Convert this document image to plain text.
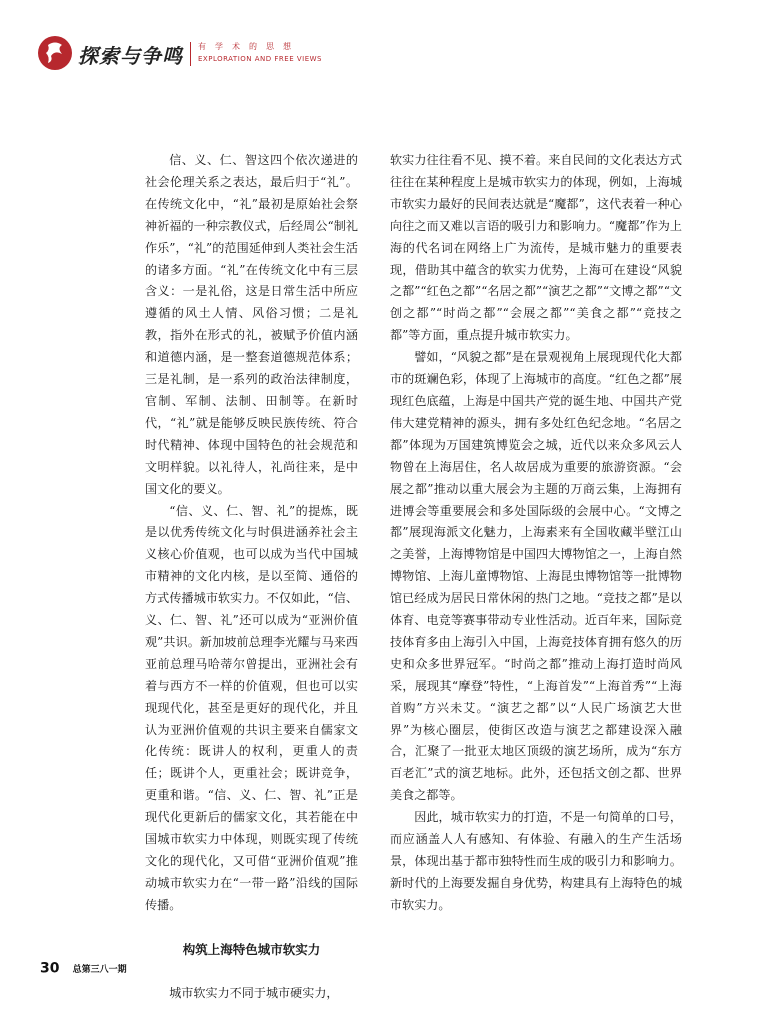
探索与争鸣 有学术的思想
EXPLORATION AND FREE VIEWS

信、义、仁、智这四个依次递进的社会伦理关系之表达，最后归于“礼”。在传统文化中，“礼”最初是原始社会祭神祈福的一种宗教仪式，后经周公“制礼作乐”，“礼”的范围延伸到人类社会生活的诸多方面。“礼”在传统文化中有三层含义：一是礼俗，这是日常生活中所应遵循的风土人情、风俗习惯；二是礼教，指外在形式的礼，被赋予价值内涵和道德内涵，是一整套道德规范体系；三是礼制，是一系列的政治法律制度，官制、军制、法制、田制等。在新时代，“礼”就是能够反映民族传统、符合时代精神、体现中国特色的社会规范和文明样貌。以礼待人，礼尚往来，是中国文化的要义。

“信、义、仁、智、礼”的提炼，既是以优秀传统文化与时俱进涵养社会主义核心价值观，也可以成为当代中国城市精神的文化内核，是以至简、通俗的方式传播城市软实力。不仅如此，“信、义、仁、智、礼”还可以成为“亚洲价值观”共识。新加坡前总理李光耀与马来西亚前总理马哈蒂尔曾提出，亚洲社会有着与西方不一样的价值观，但也可以实现现代化，甚至是更好的现代化，并且认为亚洲价值观的共识主要来自儒家文化传统：既讲人的权利，更重人的责任；既讲个人，更重社会；既讲竞争，更重和谐。“信、义、仁、智、礼”正是现代化更新后的儒家文化，其若能在中国城市软实力中体现，则既实现了传统文化的现代化，又可借“亚洲价值观”推动城市软实力在“一带一路”沿线的国际传播。

构筑上海特色城市软实力

城市软实力不同于城市硬实力，

软实力往往看不见、摸不着。来自民间的文化表达方式往往在某种程度上是城市软实力的体现，例如，上海城市软实力最好的民间表达就是“魔都”，这代表着一种心向往之而又难以言语的吸引力和影响力。“魔都”作为上海的代名词在网络上广为流传，是城市魅力的重要表现，借助其中蕴含的软实力优势，上海可在建设“风貌之都”“红色之都”“名居之都”“演艺之都”“文博之都”“文创之都”“时尚之都”“会展之都”“美食之都”“竞技之都”等方面，重点提升城市软实力。

譬如，“风貌之都”是在景观视角上展现现代化大都市的斑斓色彩，体现了上海城市的高度。“红色之都”展现红色底蕴，上海是中国共产党的诞生地、中国共产党伟大建党精神的源头，拥有多处红色纪念地。“名居之都”体现为万国建筑博览会之城，近代以来众多风云人物曾在上海居住，名人故居成为重要的旅游资源。“会展之都”推动以重大展会为主题的万商云集，上海拥有进博会等重要展会和多处国际级的会展中心。“文博之都”展现海派文化魅力，上海素来有全国收藏半壁江山之美誉，上海博物馆是中国四大博物馆之一，上海自然博物馆、上海儿童博物馆、上海昆虫博物馆等一批博物馆已经成为居民日常休闲的热门之地。“竞技之都”是以体育、电竞等赛事带动专业性活动。近百年来，国际竞技体育多由上海引入中国，上海竞技体育拥有悠久的历史和众多世界冠军。“时尚之都”推动上海打造时尚风采，展现其“摩登”特性，“上海首发”“上海首秀”“上海首购”方兴未艾。“演艺之都”以“人民广场演艺大世界”为核心圈层，使街区改造与演艺之都建设深入融合，汇聚了一批亚太地区顶级的演艺场所，成为“东方百老汇”式的演艺地标。此外，还包括文创之都、世界美食之都等。

因此，城市软实力的打造，不是一句简单的口号，而应涵盖人人有感知、有体验、有融入的生产生活场景，体现出基于都市独特性而生成的吸引力和影响力。新时代的上海要发掘自身优势，构建具有上海特色的城市软实力。

30 总第三八一期
